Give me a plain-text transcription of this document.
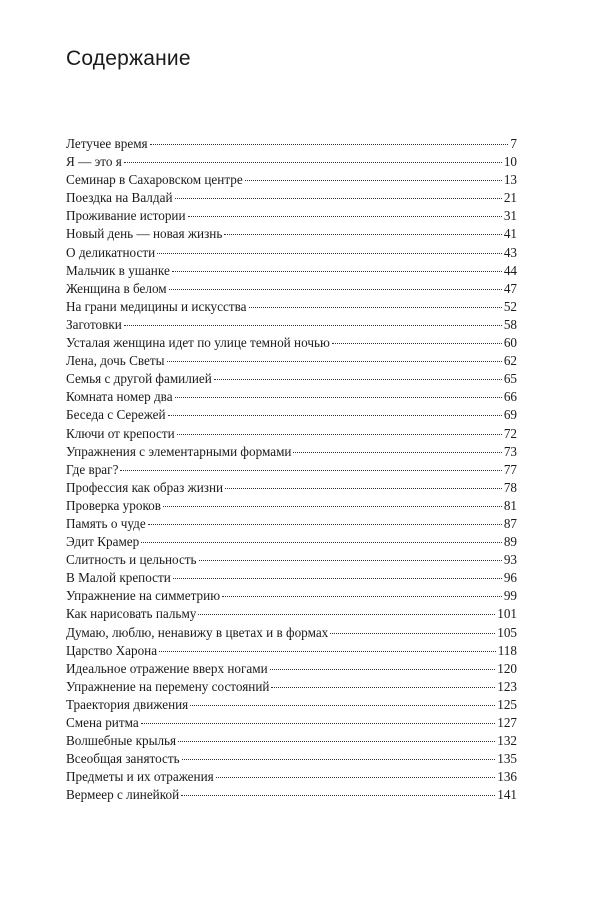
Содержание
Летучее время	7
Я — это я	10
Семинар в Сахаровском центре	13
Поездка на Валдай	21
Проживание истории	31
Новый день — новая жизнь	41
О деликатности	43
Мальчик в ушанке	44
Женщина в белом	47
На грани медицины и искусства	52
Заготовки	58
Усталая женщина идет по улице темной ночью	60
Лена, дочь Светы	62
Семья с другой фамилией	65
Комната номер два	66
Беседа с Сережей	69
Ключи от крепости	72
Упражнения с элементарными формами	73
Где враг?	77
Профессия как образ жизни	78
Проверка уроков	81
Память о чуде	87
Эдит Крамер	89
Слитность и цельность	93
В Малой крепости	96
Упражнение на симметрию	99
Как нарисовать пальму	101
Думаю, люблю, ненавижу в цветах и в формах	105
Царство Харона	118
Идеальное отражение вверх ногами	120
Упражнение на перемену состояний	123
Траектория движения	125
Смена ритма	127
Волшебные крылья	132
Всеобщая занятость	135
Предметы и их отражения	136
Вермеер с линейкой	141
